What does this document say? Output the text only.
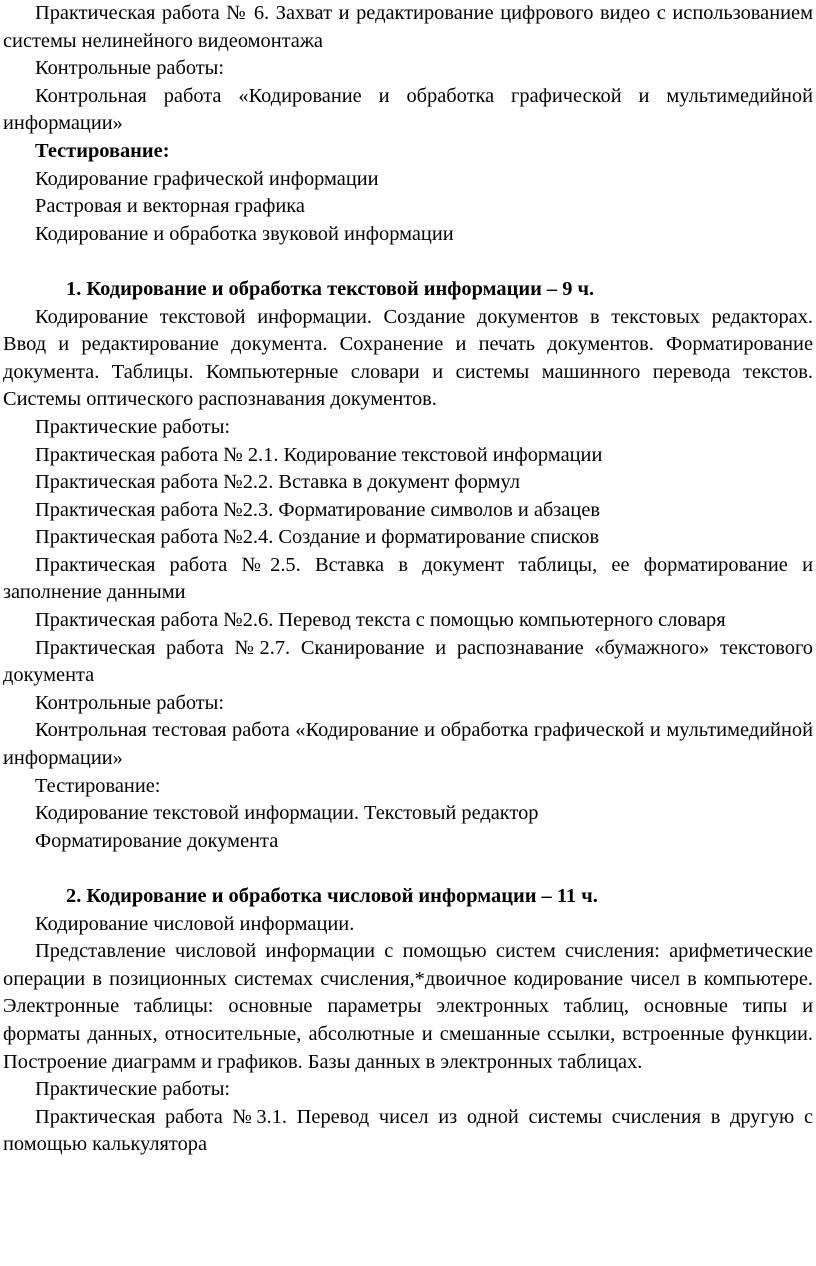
Практическая работа № 6. Захват и редактирование цифрового видео с использованием системы нелинейного видеомонтажа

Контрольные работы:

Контрольная работа «Кодирование и обработка графической и мультимедийной информации»

Тестирование:

Кодирование графической информации

Растровая и векторная графика

Кодирование и обработка звуковой информации

1. Кодирование и обработка текстовой информации – 9 ч.

Кодирование текстовой информации. Создание документов в текстовых редакторах. Ввод и редактирование документа. Сохранение и печать документов. Форматирование документа. Таблицы. Компьютерные словари и системы машинного перевода текстов. Системы оптического распознавания документов.

Практические работы:

Практическая работа № 2.1. Кодирование текстовой информации

Практическая работа №2.2. Вставка в документ формул

Практическая работа №2.3. Форматирование символов и абзацев

Практическая работа №2.4. Создание и форматирование списков

Практическая работа №2.5. Вставка в документ таблицы, ее форматирование и заполнение данными

Практическая работа №2.6. Перевод текста с помощью компьютерного словаря

Практическая работа №2.7. Сканирование и распознавание «бумажного» текстового документа

Контрольные работы:

Контрольная тестовая работа «Кодирование и обработка графической и мультимедийной информации»

Тестирование:

Кодирование текстовой информации. Текстовый редактор

Форматирование документа

2. Кодирование и обработка числовой информации – 11 ч.

Кодирование числовой информации.

Представление числовой информации с помощью систем счисления: арифметические операции в позиционных системах счисления,*двоичное кодирование чисел в компьютере. Электронные таблицы: основные параметры электронных таблиц, основные типы и форматы данных, относительные, абсолютные и смешанные ссылки, встроенные функции. Построение диаграмм и графиков. Базы данных в электронных таблицах.

Практические работы:

Практическая работа №3.1. Перевод чисел из одной системы счисления в другую с помощью калькулятора
